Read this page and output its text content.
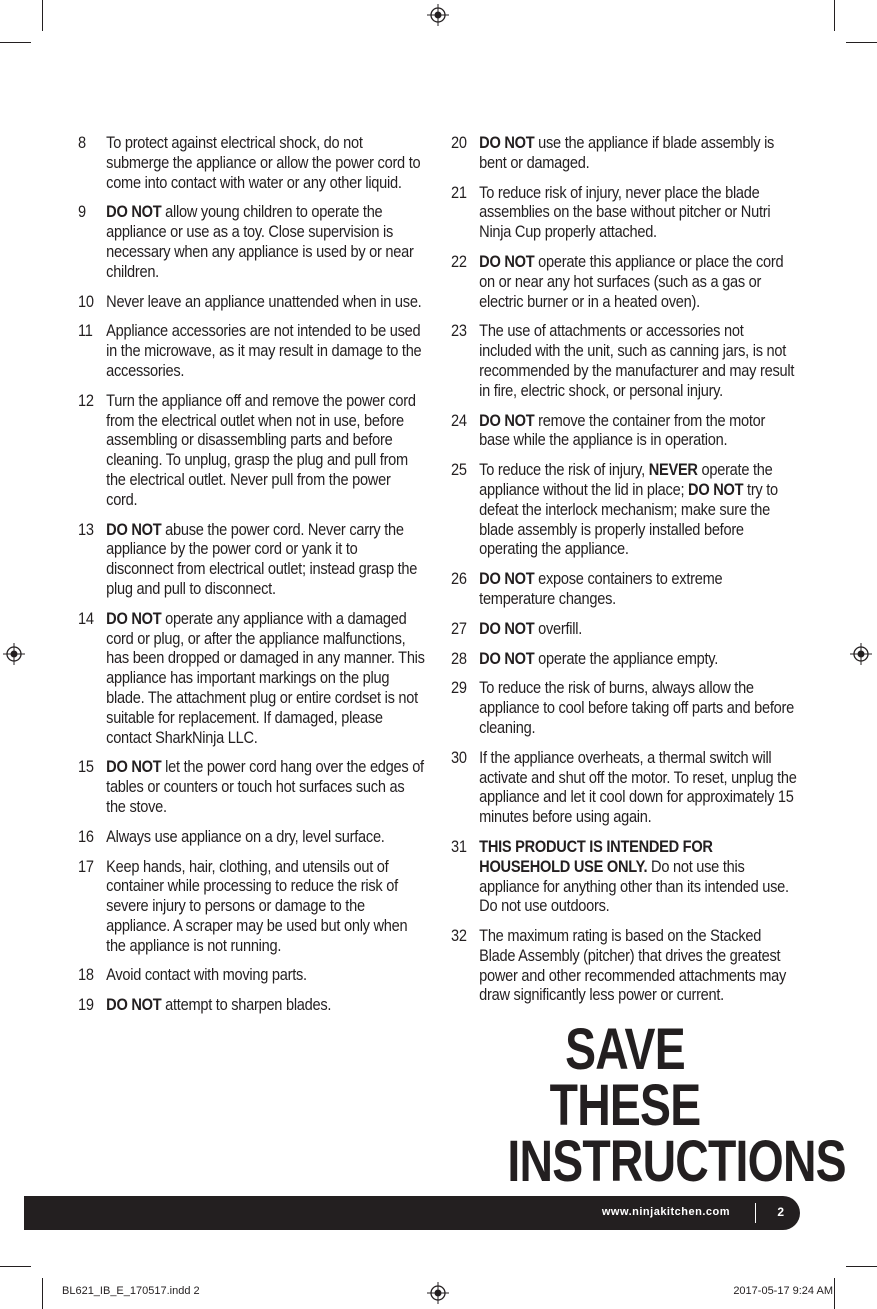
8	To protect against electrical shock, do not submerge the appliance or allow the power cord to come into contact with water or any other liquid.
9	DO NOT allow young children to operate the appliance or use as a toy. Close supervision is necessary when any appliance is used by or near children.
10 Never leave an appliance unattended when in use.
11 Appliance accessories are not intended to be used in the microwave, as it may result in damage to the accessories.
12 Turn the appliance off and remove the power cord from the electrical outlet when not in use, before assembling or disassembling parts and before cleaning. To unplug, grasp the plug and pull from the electrical outlet. Never pull from the power cord.
13 DO NOT abuse the power cord. Never carry the appliance by the power cord or yank it to disconnect from electrical outlet; instead grasp the plug and pull to disconnect.
14 DO NOT operate any appliance with a damaged cord or plug, or after the appliance malfunctions, has been dropped or damaged in any manner. This appliance has important markings on the plug blade. The attachment plug or entire cordset is not suitable for replacement. If damaged, please contact SharkNinja LLC.
15 DO NOT let the power cord hang over the edges of tables or counters or touch hot surfaces such as the stove.
16 Always use appliance on a dry, level surface.
17 Keep hands, hair, clothing, and utensils out of container while processing to reduce the risk of severe injury to persons or damage to the appliance. A scraper may be used but only when the appliance is not running.
18 Avoid contact with moving parts.
19 DO NOT attempt to sharpen blades.
20 DO NOT use the appliance if blade assembly is bent or damaged.
21 To reduce risk of injury, never place the blade assemblies on the base without pitcher or Nutri Ninja Cup properly attached.
22 DO NOT operate this appliance or place the cord on or near any hot surfaces (such as a gas or electric burner or in a heated oven).
23 The use of attachments or accessories not included with the unit, such as canning jars, is not recommended by the manufacturer and may result in fire, electric shock, or personal injury.
24 DO NOT remove the container from the motor base while the appliance is in operation.
25 To reduce the risk of injury, NEVER operate the appliance without the lid in place; DO NOT try to defeat the interlock mechanism; make sure the blade assembly is properly installed before operating the appliance.
26 DO NOT expose containers to extreme temperature changes.
27 DO NOT overfill.
28 DO NOT operate the appliance empty.
29 To reduce the risk of burns, always allow the appliance to cool before taking off parts and before cleaning.
30 If the appliance overheats, a thermal switch will activate and shut off the motor. To reset, unplug the appliance and let it cool down for approximately 15 minutes before using again.
31 THIS PRODUCT IS INTENDED FOR HOUSEHOLD USE ONLY. Do not use this appliance for anything other than its intended use. Do not use outdoors.
32 The maximum rating is based on the Stacked Blade Assembly (pitcher) that drives the greatest power and other recommended attachments may draw significantly less power or current.
SAVE THESE
INSTRUCTIONS
www.ninjakitchen.com	2
BL621_IB_E_170517.indd 2	2017-05-17 9:24 AM
